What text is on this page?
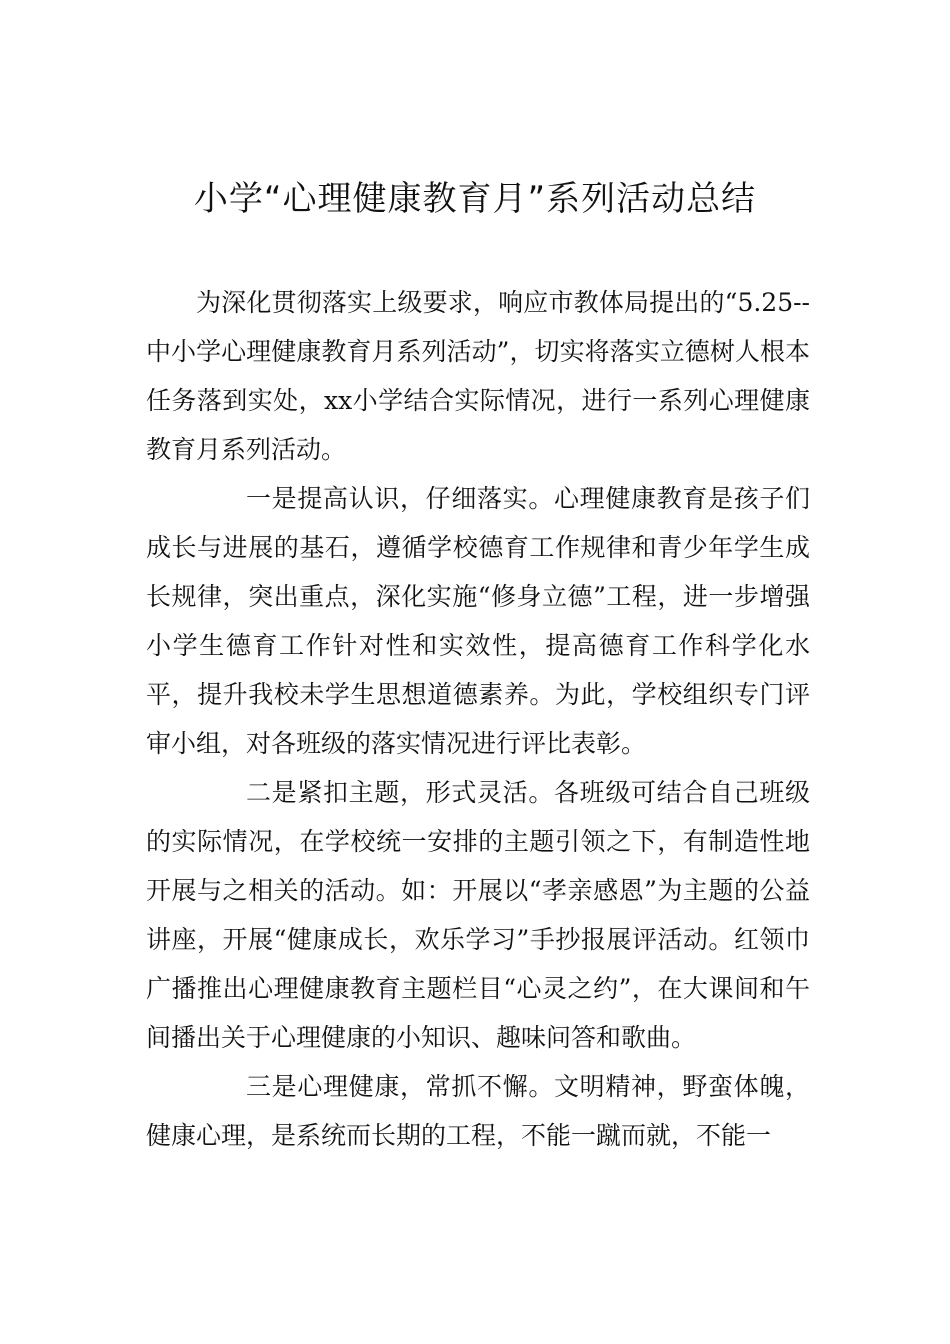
小学“心理健康教育月”系列活动总结

为深化贯彻落实上级要求，响应市教体局提出的“5.25--中小学心理健康教育月系列活动”，切实将落实立德树人根本任务落到实处，xx小学结合实际情况，进行一系列心理健康教育月系列活动。

一是提高认识，仔细落实。心理健康教育是孩子们成长与进展的基石，遵循学校德育工作规律和青少年学生成长规律，突出重点，深化实施“修身立德”工程，进一步增强小学生德育工作针对性和实效性，提高德育工作科学化水平，提升我校未学生思想道德素养。为此，学校组织专门评审小组，对各班级的落实情况进行评比表彰。

二是紧扣主题，形式灵活。各班级可结合自己班级的实际情况，在学校统一安排的主题引领之下，有制造性地开展与之相关的活动。如：开展以“孝亲感恩”为主题的公益讲座，开展“健康成长，欢乐学习”手抄报展评活动。红领巾广播推出心理健康教育主题栏目“心灵之约”，在大课间和午间播出关于心理健康的小知识、趣味问答和歌曲。

三是心理健康，常抓不懈。文明精神，野蛮体魄，健康心理，是系统而长期的工程，不能一蹴而就，不能一
